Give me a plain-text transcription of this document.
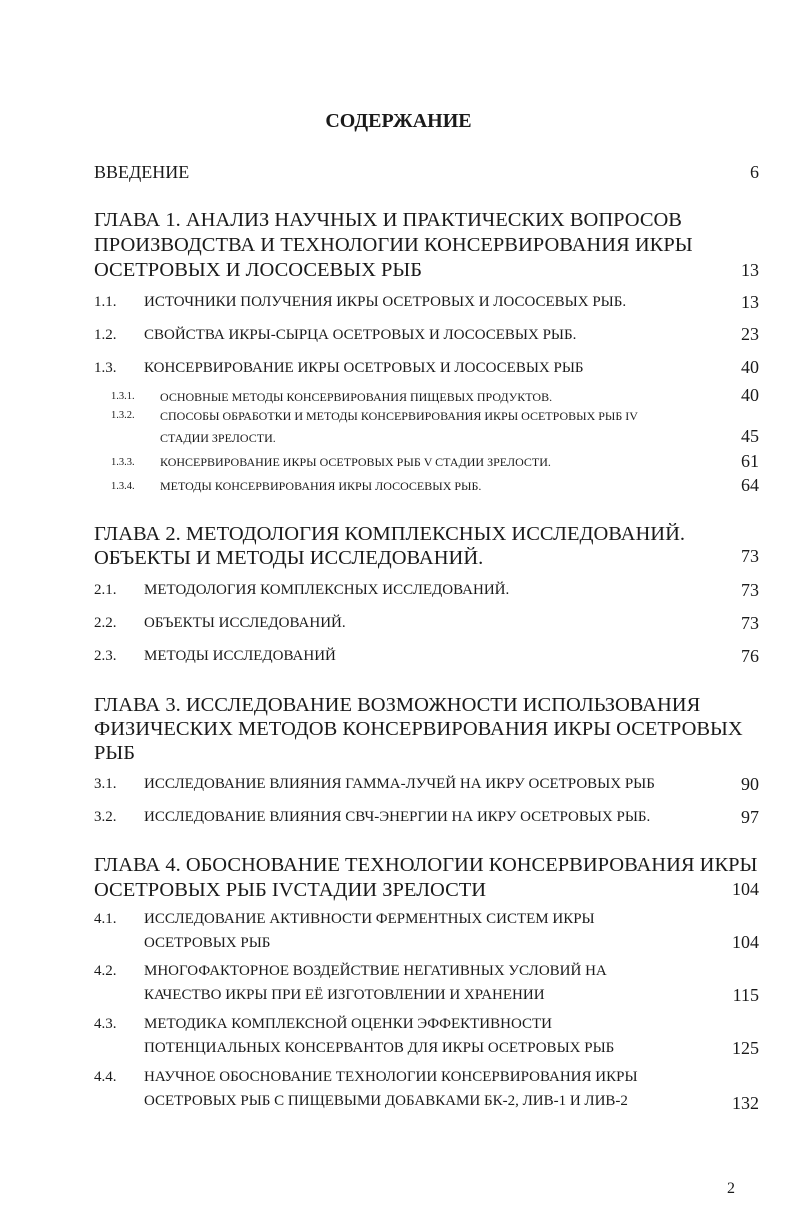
СОДЕРЖАНИЕ
ВВЕДЕНИЕ	6
ГЛАВА 1. АНАЛИЗ НАУЧНЫХ И ПРАКТИЧЕСКИХ ВОПРОСОВ
ПРОИЗВОДСТВА И ТЕХНОЛОГИИ КОНСЕРВИРОВАНИЯ ИКРЫ
ОСЕТРОВЫХ И ЛОСОСЕВЫХ РЫБ	13
1.1. ИСТОЧНИКИ ПОЛУЧЕНИЯ ИКРЫ ОСЕТРОВЫХ И ЛОСОСЕВЫХ РЫБ.	13
1.2. СВОЙСТВА ИКРЫ-СЫРЦА ОСЕТРОВЫХ И ЛОСОСЕВЫХ РЫБ.	23
1.3. КОНСЕРВИРОВАНИЕ ИКРЫ ОСЕТРОВЫХ И ЛОСОСЕВЫХ РЫБ	40
1.3.1. ОСНОВНЫЕ МЕТОДЫ КОНСЕРВИРОВАНИЯ ПИЩЕВЫХ ПРОДУКТОВ.	40
1.3.2. СПОСОБЫ ОБРАБОТКИ И МЕТОДЫ КОНСЕРВИРОВАНИЯ ИКРЫ ОСЕТРОВЫХ РЫБ IV
СТАДИИ ЗРЕЛОСТИ.	45
1.3.3. КОНСЕРВИРОВАНИЕ ИКРЫ ОСЕТРОВЫХ РЫБ V СТАДИИ ЗРЕЛОСТИ.	61
1.3.4. МЕТОДЫ КОНСЕРВИРОВАНИЯ ИКРЫ ЛОСОСЕВЫХ РЫБ.	64
ГЛАВА 2. МЕТОДОЛОГИЯ КОМПЛЕКСНЫХ ИССЛЕДОВАНИЙ.
ОБЪЕКТЫ И МЕТОДЫ ИССЛЕДОВАНИЙ.	73
2.1. МЕТОДОЛОГИЯ КОМПЛЕКСНЫХ ИССЛЕДОВАНИЙ.	73
2.2. ОБЪЕКТЫ ИССЛЕДОВАНИЙ.	73
2.3. МЕТОДЫ ИССЛЕДОВАНИЙ	76
ГЛАВА 3. ИССЛЕДОВАНИЕ ВОЗМОЖНОСТИ ИСПОЛЬЗОВАНИЯ
ФИЗИЧЕСКИХ МЕТОДОВ КОНСЕРВИРОВАНИЯ ИКРЫ ОСЕТРОВЫХ
РЫБ
3.1. ИССЛЕДОВАНИЕ ВЛИЯНИЯ ГАММА-ЛУЧЕЙ НА ИКРУ ОСЕТРОВЫХ РЫБ	90
3.2. ИССЛЕДОВАНИЕ ВЛИЯНИЯ СВЧ-ЭНЕРГИИ НА ИКРУ ОСЕТРОВЫХ РЫБ.	97
ГЛАВА 4. ОБОСНОВАНИЕ ТЕХНОЛОГИИ КОНСЕРВИРОВАНИЯ ИКРЫ
ОСЕТРОВЫХ РЫБ IVСТАДИИ ЗРЕЛОСТИ	104
4.1. ИССЛЕДОВАНИЕ АКТИВНОСТИ ФЕРМЕНТНЫХ СИСТЕМ ИКРЫ
ОСЕТРОВЫХ РЫБ	104
4.2. МНОГОФАКТОРНОЕ ВОЗДЕЙСТВИЕ НЕГАТИВНЫХ УСЛОВИЙ НА
КАЧЕСТВО ИКРЫ ПРИ ЕЁ ИЗГОТОВЛЕНИИ И ХРАНЕНИИ	115
4.3. МЕТОДИКА КОМПЛЕКСНОЙ ОЦЕНКИ ЭФФЕКТИВНОСТИ
ПОТЕНЦИАЛЬНЫХ КОНСЕРВАНТОВ ДЛЯ ИКРЫ ОСЕТРОВЫХ РЫБ	125
4.4. НАУЧНОЕ ОБОСНОВАНИЕ ТЕХНОЛОГИИ КОНСЕРВИРОВАНИЯ ИКРЫ
ОСЕТРОВЫХ РЫБ С ПИЩЕВЫМИ ДОБАВКАМИ БК-2, ЛИВ-1 И ЛИВ-2	132
2
